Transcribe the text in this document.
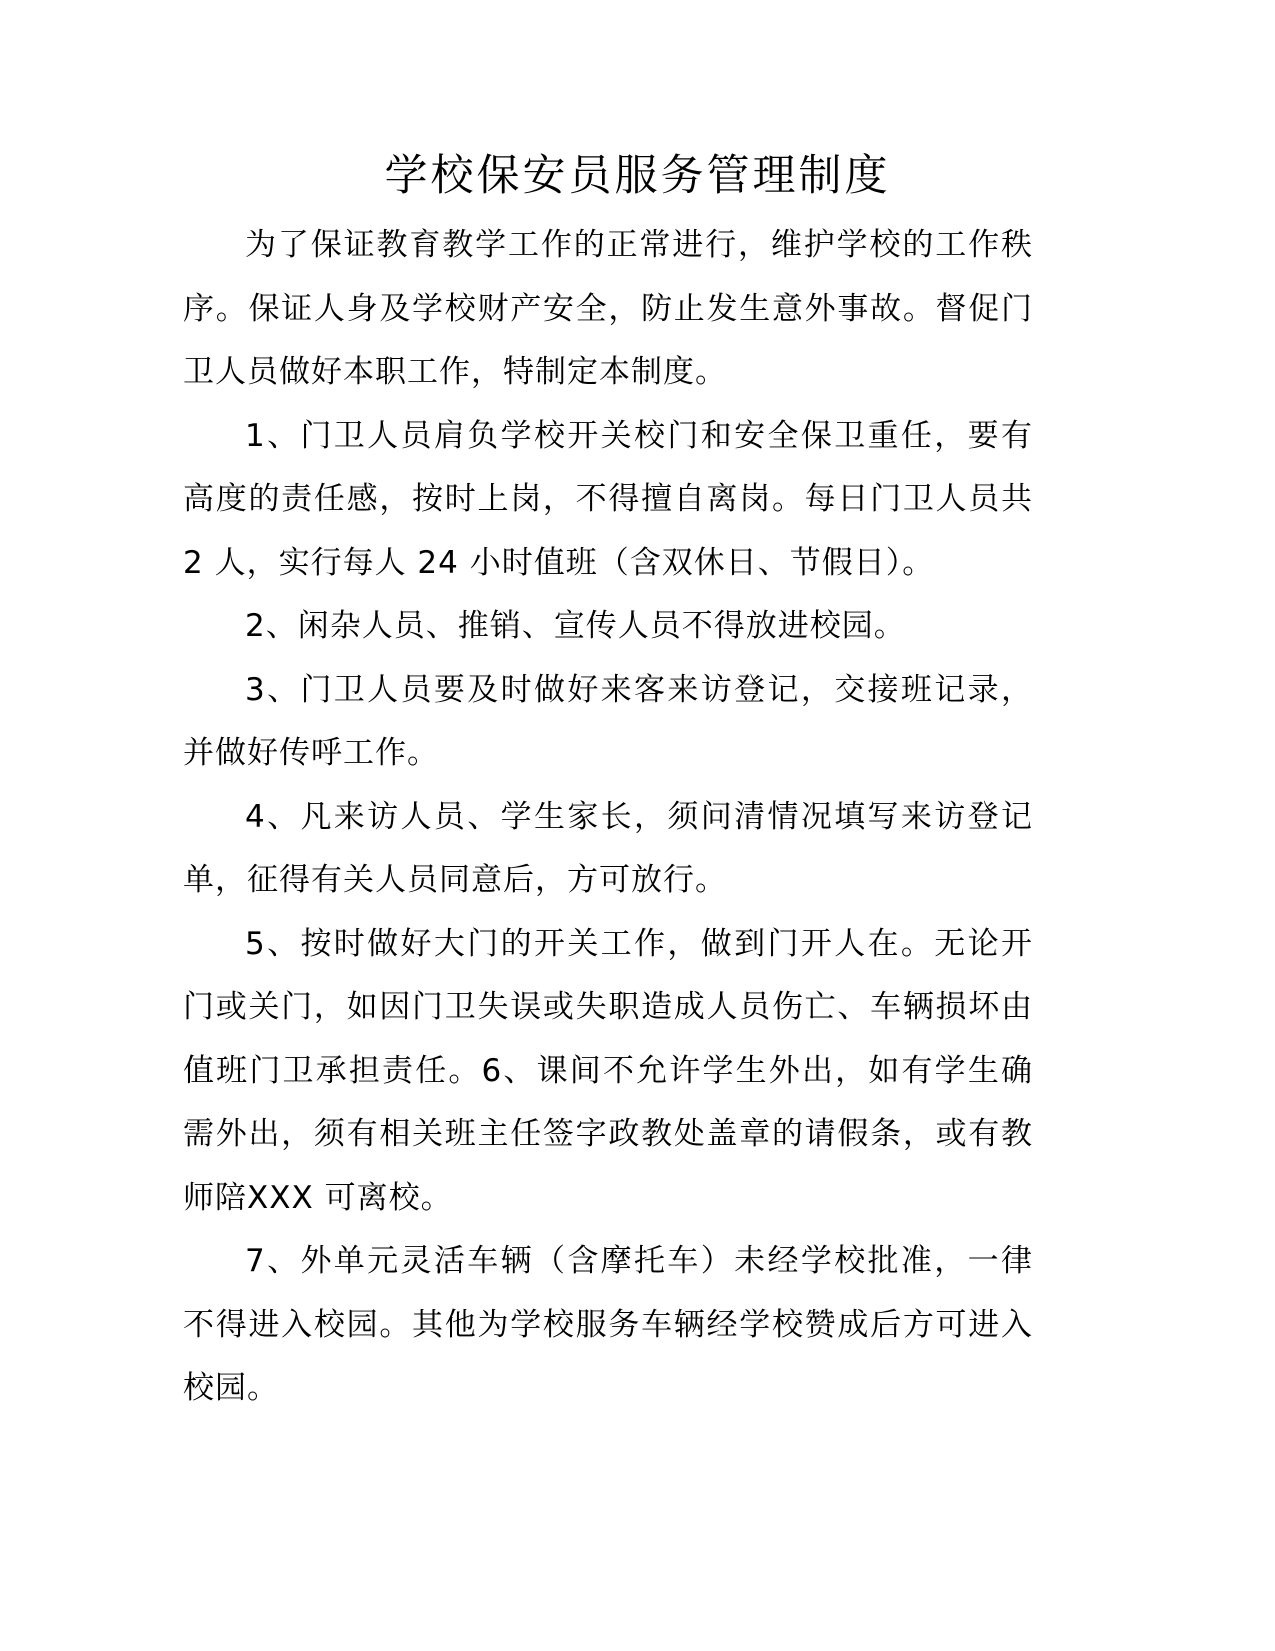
学校保安员服务管理制度

为了保证教育教学工作的正常进行，维护学校的工作秩序。保证人身及学校财产安全，防止发生意外事故。督促门卫人员做好本职工作，特制定本制度。

1、门卫人员肩负学校开关校门和安全保卫重任，要有高度的责任感，按时上岗，不得擅自离岗。每日门卫人员共 2 人，实行每人 24 小时值班（含双休日、节假日）。

2、闲杂人员、推销、宣传人员不得放进校园。

3、门卫人员要及时做好来客来访登记，交接班记录，并做好传呼工作。

4、凡来访人员、学生家长，须问清情况填写来访登记单，征得有关人员同意后，方可放行。

5、按时做好大门的开关工作，做到门开人在。无论开门或关门，如因门卫失误或失职造成人员伤亡、车辆损坏由值班门卫承担责任。6、课间不允许学生外出，如有学生确需外出，须有相关班主任签字政教处盖章的请假条，或有教师陪XXX 可离校。

7、外单元灵活车辆（含摩托车）未经学校批准，一律不得进入校园。其他为学校服务车辆经学校赞成后方可进入校园。
